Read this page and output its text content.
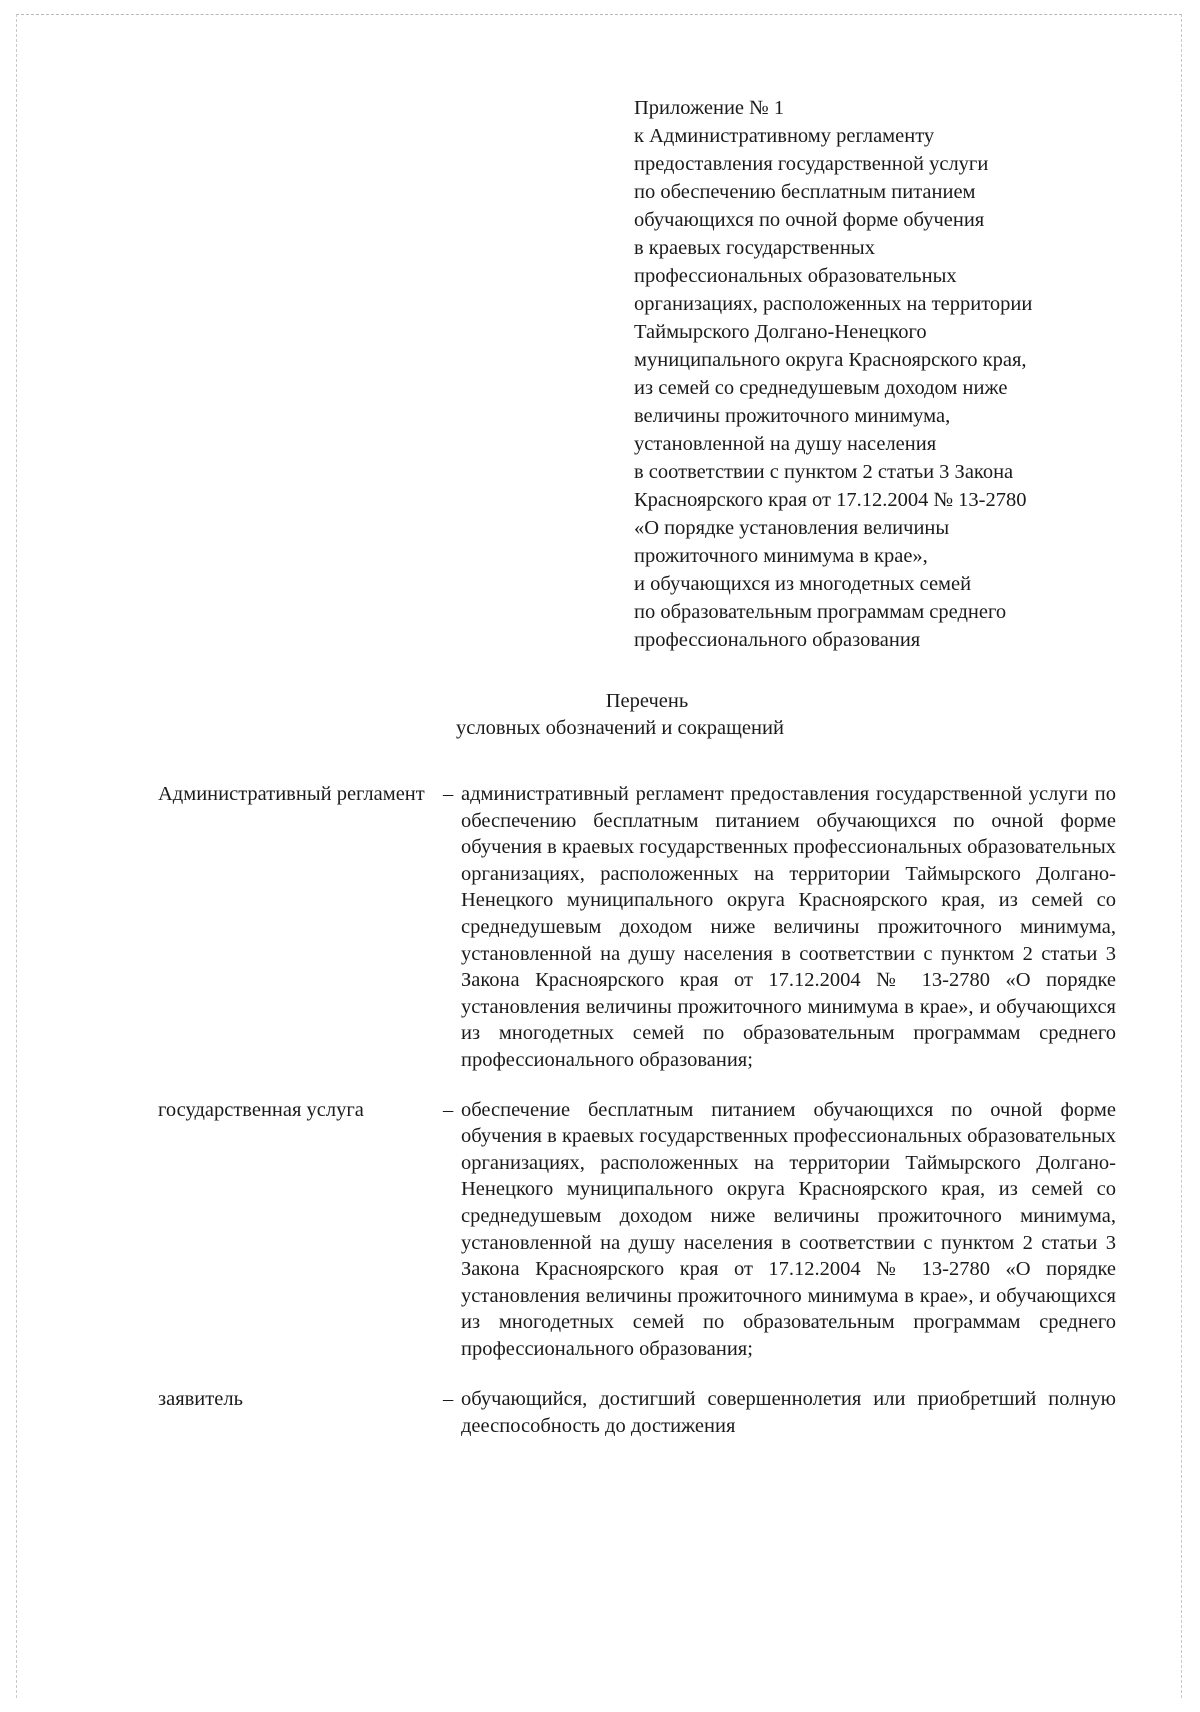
Приложение № 1
к Административному регламенту
предоставления государственной услуги
по обеспечению бесплатным питанием
обучающихся по очной форме обучения
в краевых государственных
профессиональных образовательных
организациях, расположенных на территории
Таймырского Долгано-Ненецкого
муниципального округа Красноярского края,
из семей со среднедушевым доходом ниже
величины прожиточного минимума,
установленной на душу населения
в соответствии с пунктом 2 статьи 3 Закона
Красноярского края от 17.12.2004 № 13-2780
«О порядке установления величины
прожиточного минимума в крае»,
и обучающихся из многодетных семей
по образовательным программам среднего
профессионального образования
Перечень
условных обозначений и сокращений
Административный регламент – административный регламент предоставления государственной услуги по обеспечению бесплатным питанием обучающихся по очной форме обучения в краевых государственных профессиональных образовательных организациях, расположенных на территории Таймырского Долгано-Ненецкого муниципального округа Красноярского края, из семей со среднедушевым доходом ниже величины прожиточного минимума, установленной на душу населения в соответствии с пунктом 2 статьи 3 Закона Красноярского края от 17.12.2004 № 13-2780 «О порядке установления величины прожиточного минимума в крае», и обучающихся из многодетных семей по образовательным программам среднего профессионального образования;
государственная услуга	– обеспечение бесплатным питанием обучающихся по очной форме обучения в краевых государственных профессиональных образовательных организациях, расположенных на территории Таймырского Долгано-Ненецкого муниципального округа Красноярского края, из семей со среднедушевым доходом ниже величины прожиточного минимума, установленной на душу населения в соответствии с пунктом 2 статьи 3 Закона Красноярского края от 17.12.2004 № 13-2780 «О порядке установления величины прожиточного минимума в крае», и обучающихся из многодетных семей по образовательным программам среднего профессионального образования;
заявитель	– обучающийся, достигший совершеннолетия или приобретший полную дееспособность до достижения
